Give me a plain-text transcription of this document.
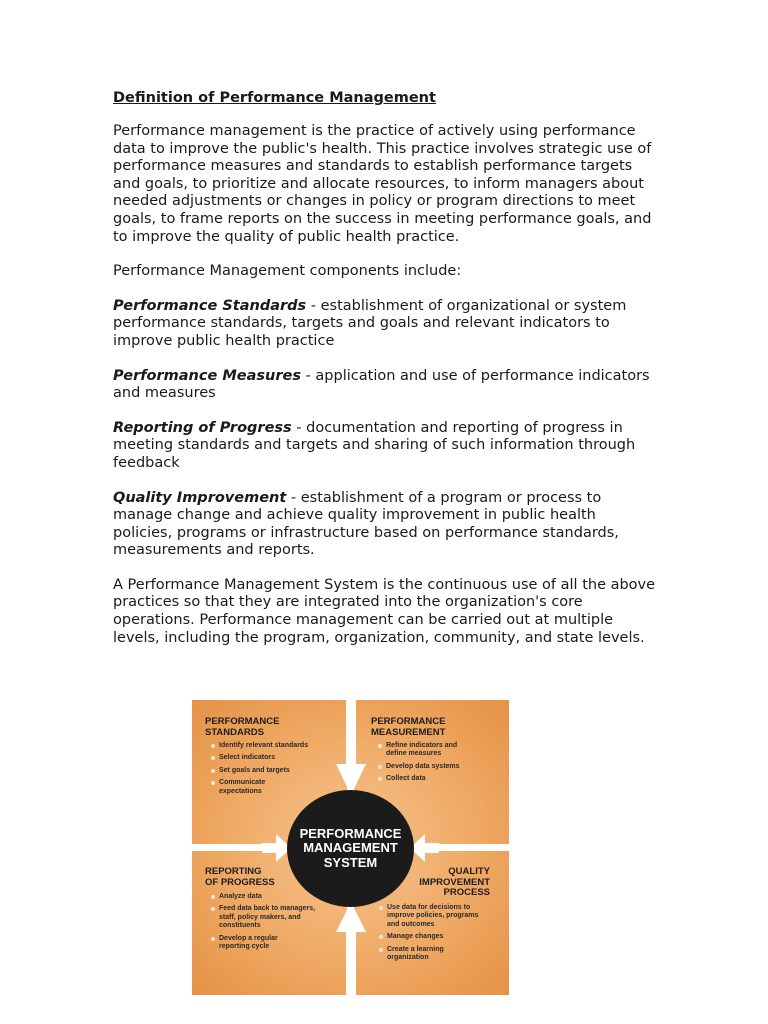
Definition of Performance Management

Performance management is the practice of actively using performance data to improve the public's health. This practice involves strategic use of performance measures and standards to establish performance targets and goals, to prioritize and allocate resources, to inform managers about needed adjustments or changes in policy or program directions to meet goals, to frame reports on the success in meeting performance goals, and to improve the quality of public health practice.

Performance Management components include:

Performance Standards - establishment of organizational or system performance standards, targets and goals and relevant indicators to improve public health practice

Performance Measures - application and use of performance indicators and measures

Reporting of Progress - documentation and reporting of progress in meeting standards and targets and sharing of such information through feedback

Quality Improvement - establishment of a program or process to manage change and achieve quality improvement in public health policies, programs or infrastructure based on performance standards, measurements and reports.

A Performance Management System is the continuous use of all the above practices so that they are integrated into the organization's core operations. Performance management can be carried out at multiple levels, including the program, organization, community, and state levels.

PERFORMANCE
STANDARDS
Identify relevant standards
Select indicators
Set goals and targets
Communicate expectations
PERFORMANCE
MEASUREMENT
Refine indicators and define measures
Develop data systems
Collect data
REPORTING
OF PROGRESS
Analyze data
Feed data back to managers, staff, policy makers, and constituents
Develop a regular reporting cycle
QUALITY
IMPROVEMENT
PROCESS
Use data for decisions to improve policies, programs and outcomes
Manage changes
Create a learning organization
PERFORMANCE MANAGEMENT SYSTEM
